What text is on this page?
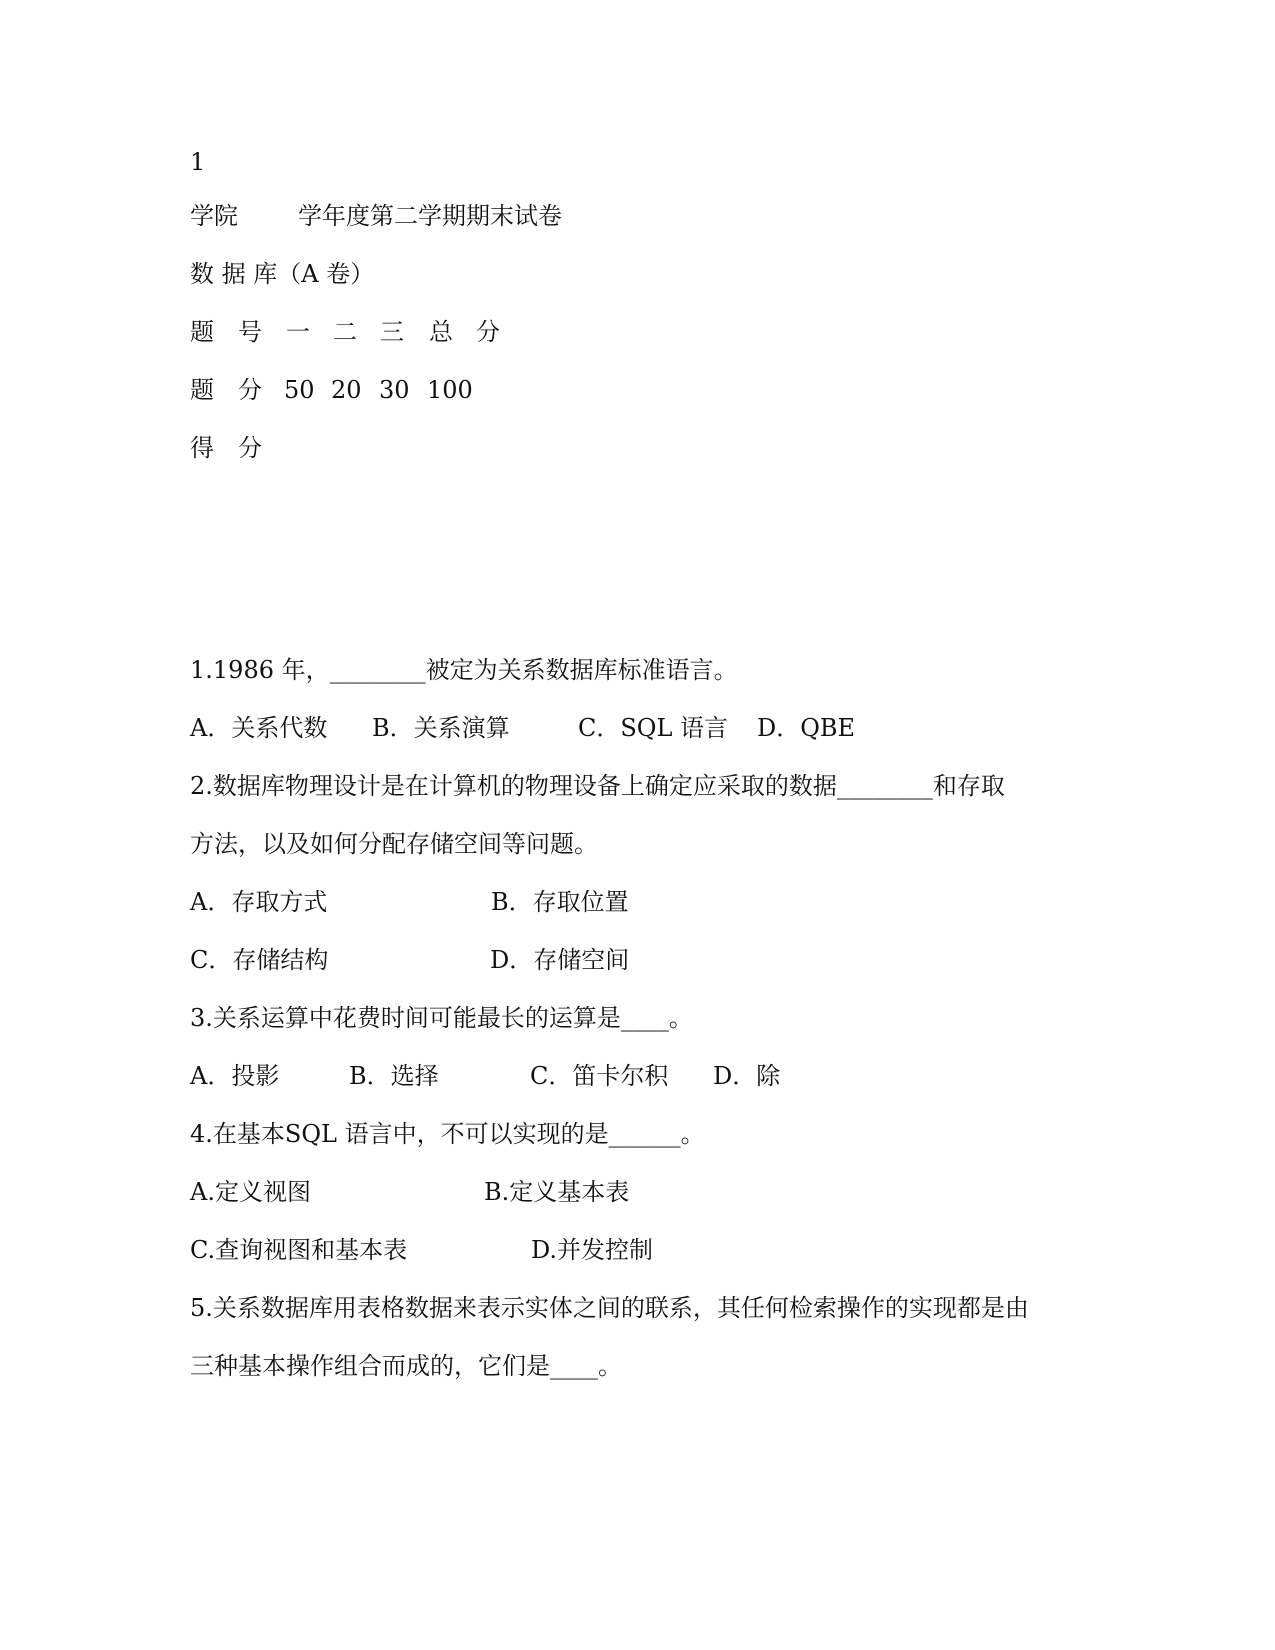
1
学院	学年度第二学期期末试卷
数 据 库（A 卷）
题 号 一 二 三 总 分
题 分 50 20 30 100
得 分
1.1986 年，________被定为关系数据库标准语言。
A．关系代数 B．关系演算	C．SQL 语言 D．QBE
2.数据库物理设计是在计算机的物理设备上确定应采取的数据________和存取
方法，以及如何分配存储空间等问题。
A．存取方式	B．存取位置
C．存储结构	D．存储空间
3.关系运算中花费时间可能最长的运算是____。
A．投影	B．选择	C．笛卡尔积 D．除
4.在基本SQL 语言中，不可以实现的是______。
A.定义视图	B.定义基本表
C.查询视图和基本表	D.并发控制
5.关系数据库用表格数据来表示实体之间的联系，其任何检索操作的实现都是由
三种基本操作组合而成的，它们是____。
